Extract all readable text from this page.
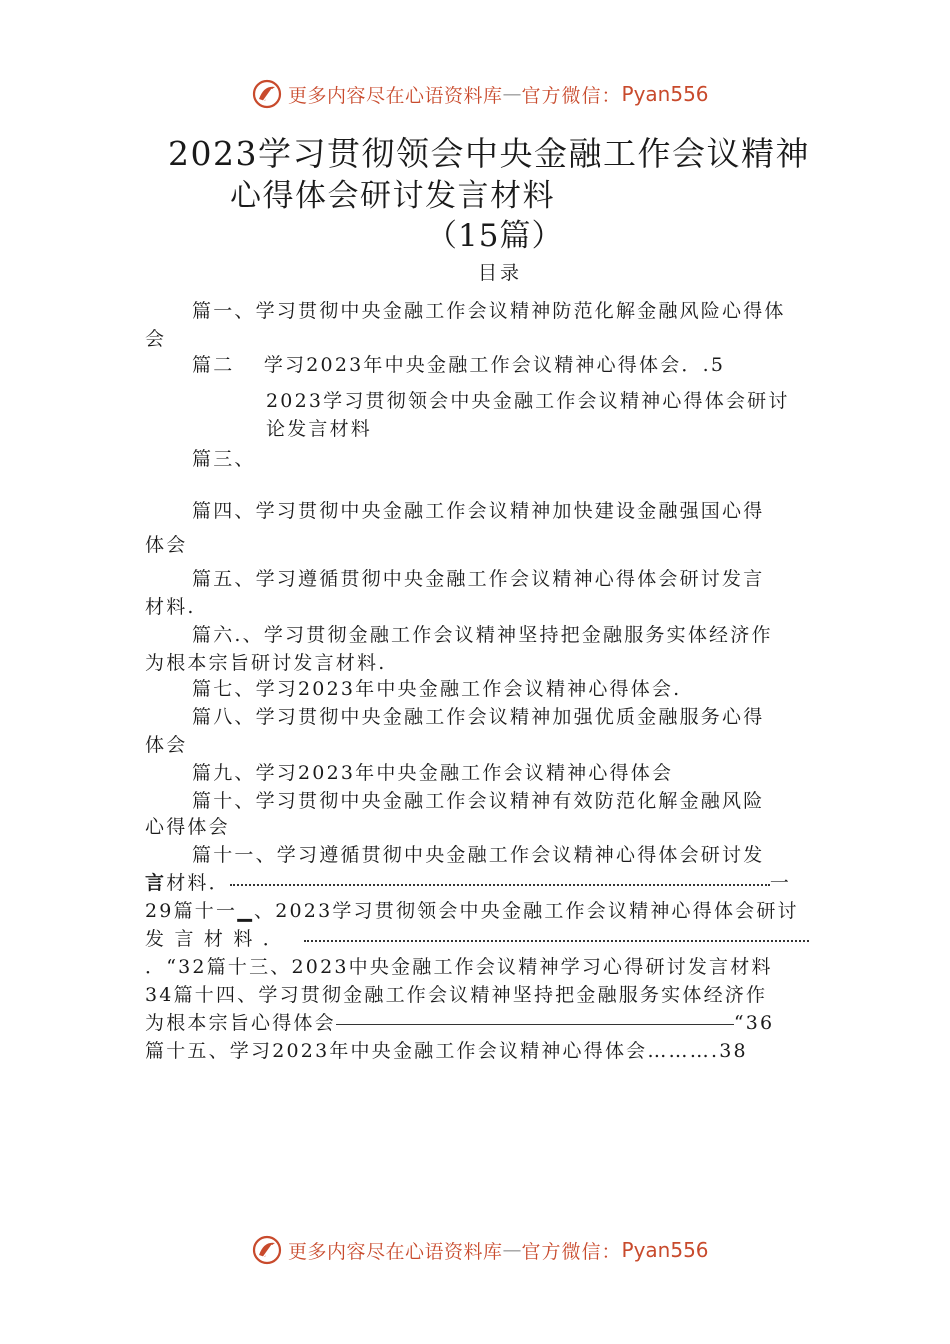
更多内容尽在心语资料库 — 官方微信： Pyan556
2023学习贯彻领会中央金融工作会议精神
心得体会研讨发言材料
（15篇）
目录
篇一、学习贯彻中央金融工作会议精神防范化解金融风险心得体
会
篇二　 学习2023年中央金融工作会议精神心得体会．.5
2023学习贯彻领会中央金融工作会议精神心得体会研讨
论发言材料
篇三、
篇四、学习贯彻中央金融工作会议精神加快建设金融强国心得
体会
篇五、学习遵循贯彻中央金融工作会议精神心得体会研讨发言
材料.
篇六.、学习贯彻金融工作会议精神坚持把金融服务实体经济作
为根本宗旨研讨发言材料.
篇七、学习2023年中央金融工作会议精神心得体会.
篇八、学习贯彻中央金融工作会议精神加强优质金融服务心得
体会
篇九、学习2023年中央金融工作会议精神心得体会
篇十、学习贯彻中央金融工作会议精神有效防范化解金融风险
心得体会
篇十一、学习遵循贯彻中央金融工作会议精神心得体会研讨发
言材料．	一
29篇十一▁、2023学习贯彻领会中央金融工作会议精神心得体会研讨
发 言 材 料 ．
．“32篇十三、2023中央金融工作会议精神学习心得研讨发言材料
34篇十四、学习贯彻金融工作会议精神坚持把金融服务实体经济作
为根本宗旨心得体会	“36
篇十五、学习2023年中央金融工作会议精神心得体会……….38
更多内容尽在心语资料库 — 官方微信： Pyan556
